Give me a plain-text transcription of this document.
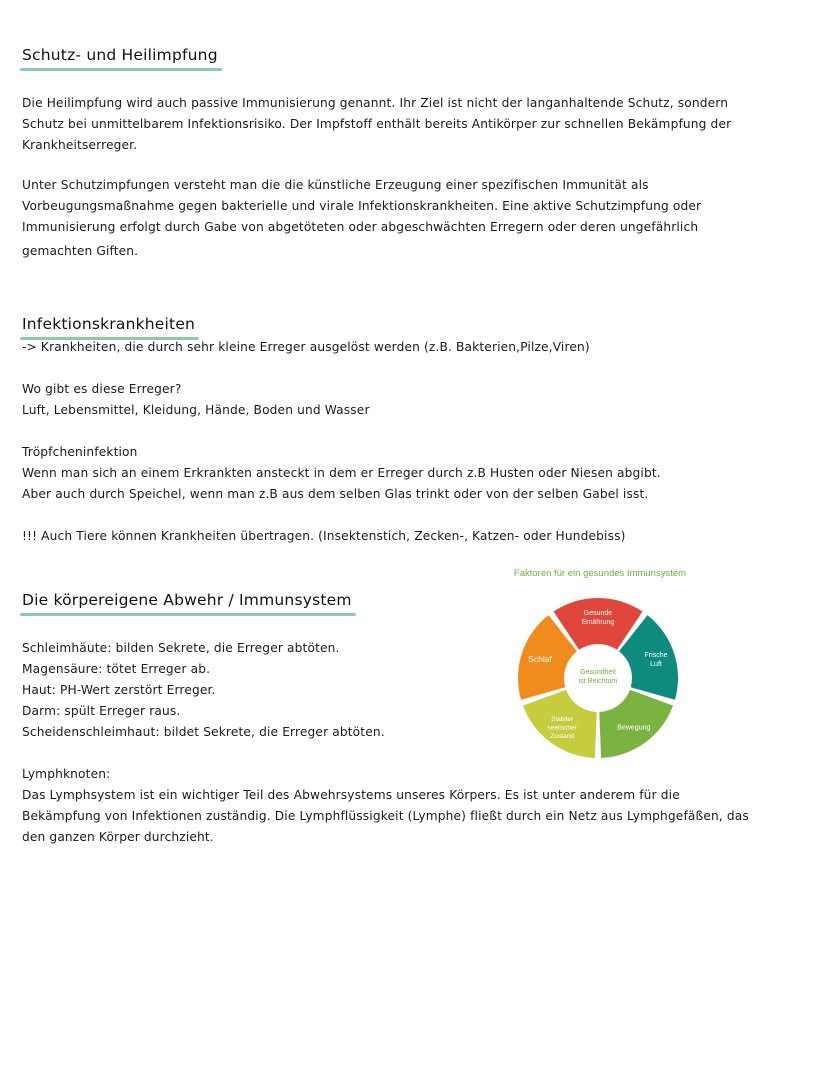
Schutz- und Heilimpfung

Die Heilimpfung wird auch passive Immunisierung genannt. Ihr Ziel ist nicht der langanhaltende Schutz, sondern
Schutz bei unmittelbarem Infektionsrisiko. Der Impfstoff enthält bereits Antikörper zur schnellen Bekämpfung der
Krankheitserreger.

Unter Schutzimpfungen versteht man die die künstliche Erzeugung einer spezifischen Immunität als
Vorbeugungsmaßnahme gegen bakterielle und virale Infektionskrankheiten. Eine aktive Schutzimpfung oder
Immunisierung erfolgt durch Gabe von abgetöteten oder abgeschwächten Erregern oder deren ungefährlich
gemachten Giften.

Infektionskrankheiten

-> Krankheiten, die durch sehr kleine Erreger ausgelöst werden (z.B. Bakterien,Pilze,Viren)

Wo gibt es diese Erreger?
Luft, Lebensmittel, Kleidung, Hände, Boden und Wasser

Tröpfcheninfektion
Wenn man sich an einem Erkrankten ansteckt in dem er Erreger durch z.B Husten oder Niesen abgibt.
Aber auch durch Speichel, wenn man z.B aus dem selben Glas trinkt oder von der selben Gabel isst.

!!! Auch Tiere können Krankheiten übertragen. (Insektenstich, Zecken-, Katzen- oder Hundebiss)

Die körpereigene Abwehr / Immunsystem

Schleimhäute: bilden Sekrete, die Erreger abtöten.
Magensäure: tötet Erreger ab.
Haut: PH-Wert zerstört Erreger.
Darm: spült Erreger raus.
Scheidenschleimhaut: bildet Sekrete, die Erreger abtöten.

Lymphknoten:
Das Lymphsystem ist ein wichtiger Teil des Abwehrsystems unseres Körpers. Es ist unter anderem für die
Bekämpfung von Infektionen zuständig. Die Lymphflüssigkeit (Lymphe) fließt durch ein Netz aus Lymphgefäßen, das
den ganzen Körper durchzieht.

Faktoren für ein gesundes Immunsystem
Gesunde
Ernährung
Frische
Luft
Bewegung
Stabiler
seelischer
Zustand
Schlaf
Gesundheit
ist Reichtum
